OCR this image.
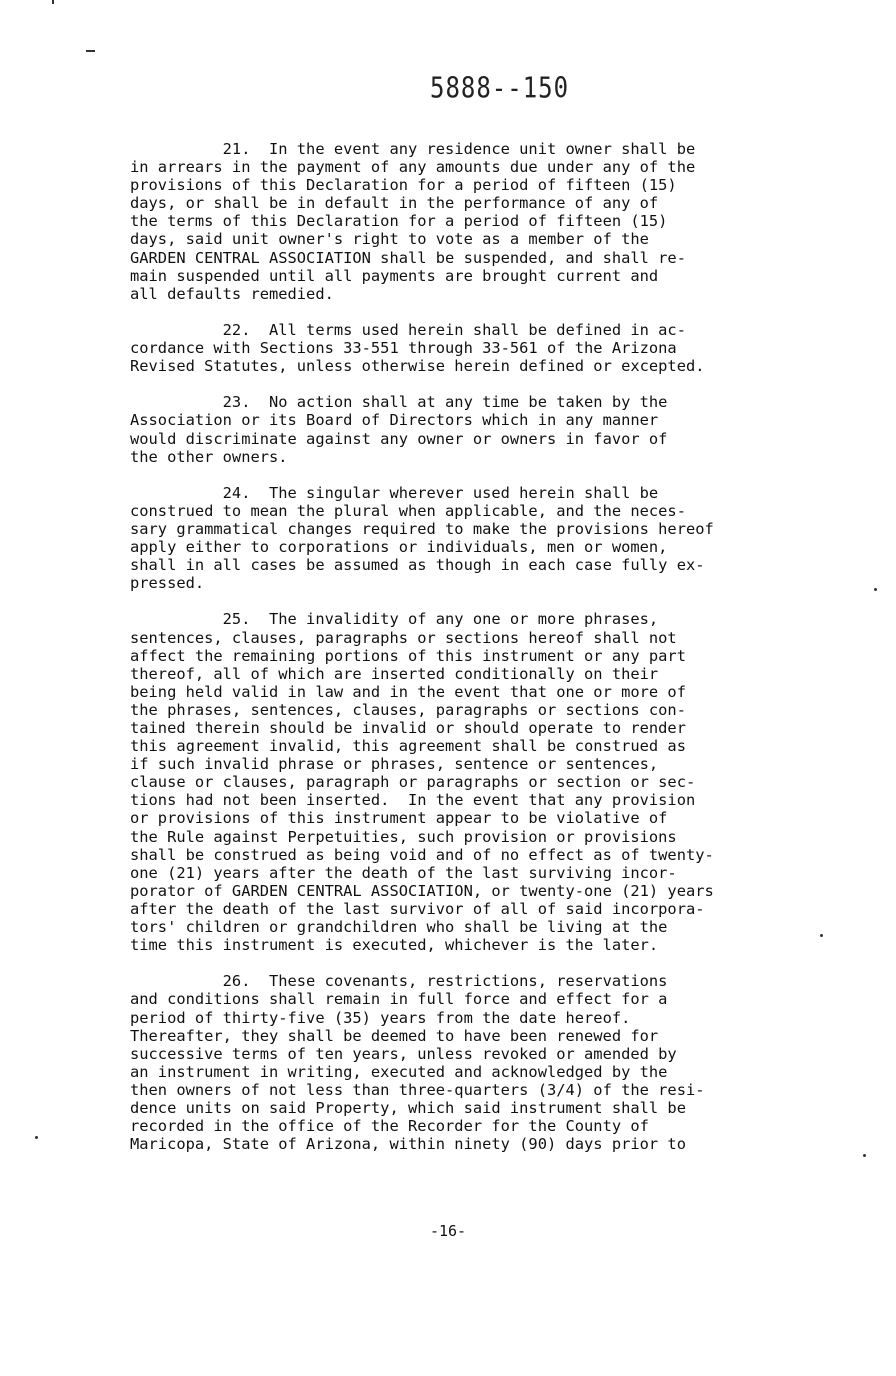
5888--150
21.  In the event any residence unit owner shall be
in arrears in the payment of any amounts due under any of the
provisions of this Declaration for a period of fifteen (15)
days, or shall be in default in the performance of any of
the terms of this Declaration for a period of fifteen (15)
days, said unit owner's right to vote as a member of the
GARDEN CENTRAL ASSOCIATION shall be suspended, and shall re-
main suspended until all payments are brought current and
all defaults remedied.
22.  All terms used herein shall be defined in ac-
cordance with Sections 33-551 through 33-561 of the Arizona
Revised Statutes, unless otherwise herein defined or excepted.
23.  No action shall at any time be taken by the
Association or its Board of Directors which in any manner
would discriminate against any owner or owners in favor of
the other owners.
24.  The singular wherever used herein shall be
construed to mean the plural when applicable, and the neces-
sary grammatical changes required to make the provisions hereof
apply either to corporations or individuals, men or women,
shall in all cases be assumed as though in each case fully ex-
pressed.
25.  The invalidity of any one or more phrases,
sentences, clauses, paragraphs or sections hereof shall not
affect the remaining portions of this instrument or any part
thereof, all of which are inserted conditionally on their
being held valid in law and in the event that one or more of
the phrases, sentences, clauses, paragraphs or sections con-
tained therein should be invalid or should operate to render
this agreement invalid, this agreement shall be construed as
if such invalid phrase or phrases, sentence or sentences,
clause or clauses, paragraph or paragraphs or section or sec-
tions had not been inserted.  In the event that any provision
or provisions of this instrument appear to be violative of
the Rule against Perpetuities, such provision or provisions
shall be construed as being void and of no effect as of twenty-
one (21) years after the death of the last surviving incor-
porator of GARDEN CENTRAL ASSOCIATION, or twenty-one (21) years
after the death of the last survivor of all of said incorpora-
tors' children or grandchildren who shall be living at the
time this instrument is executed, whichever is the later.
26.  These covenants, restrictions, reservations
and conditions shall remain in full force and effect for a
period of thirty-five (35) years from the date hereof.
Thereafter, they shall be deemed to have been renewed for
successive terms of ten years, unless revoked or amended by
an instrument in writing, executed and acknowledged by the
then owners of not less than three-quarters (3/4) of the resi-
dence units on said Property, which said instrument shall be
recorded in the office of the Recorder for the County of
Maricopa, State of Arizona, within ninety (90) days prior to
-16-
